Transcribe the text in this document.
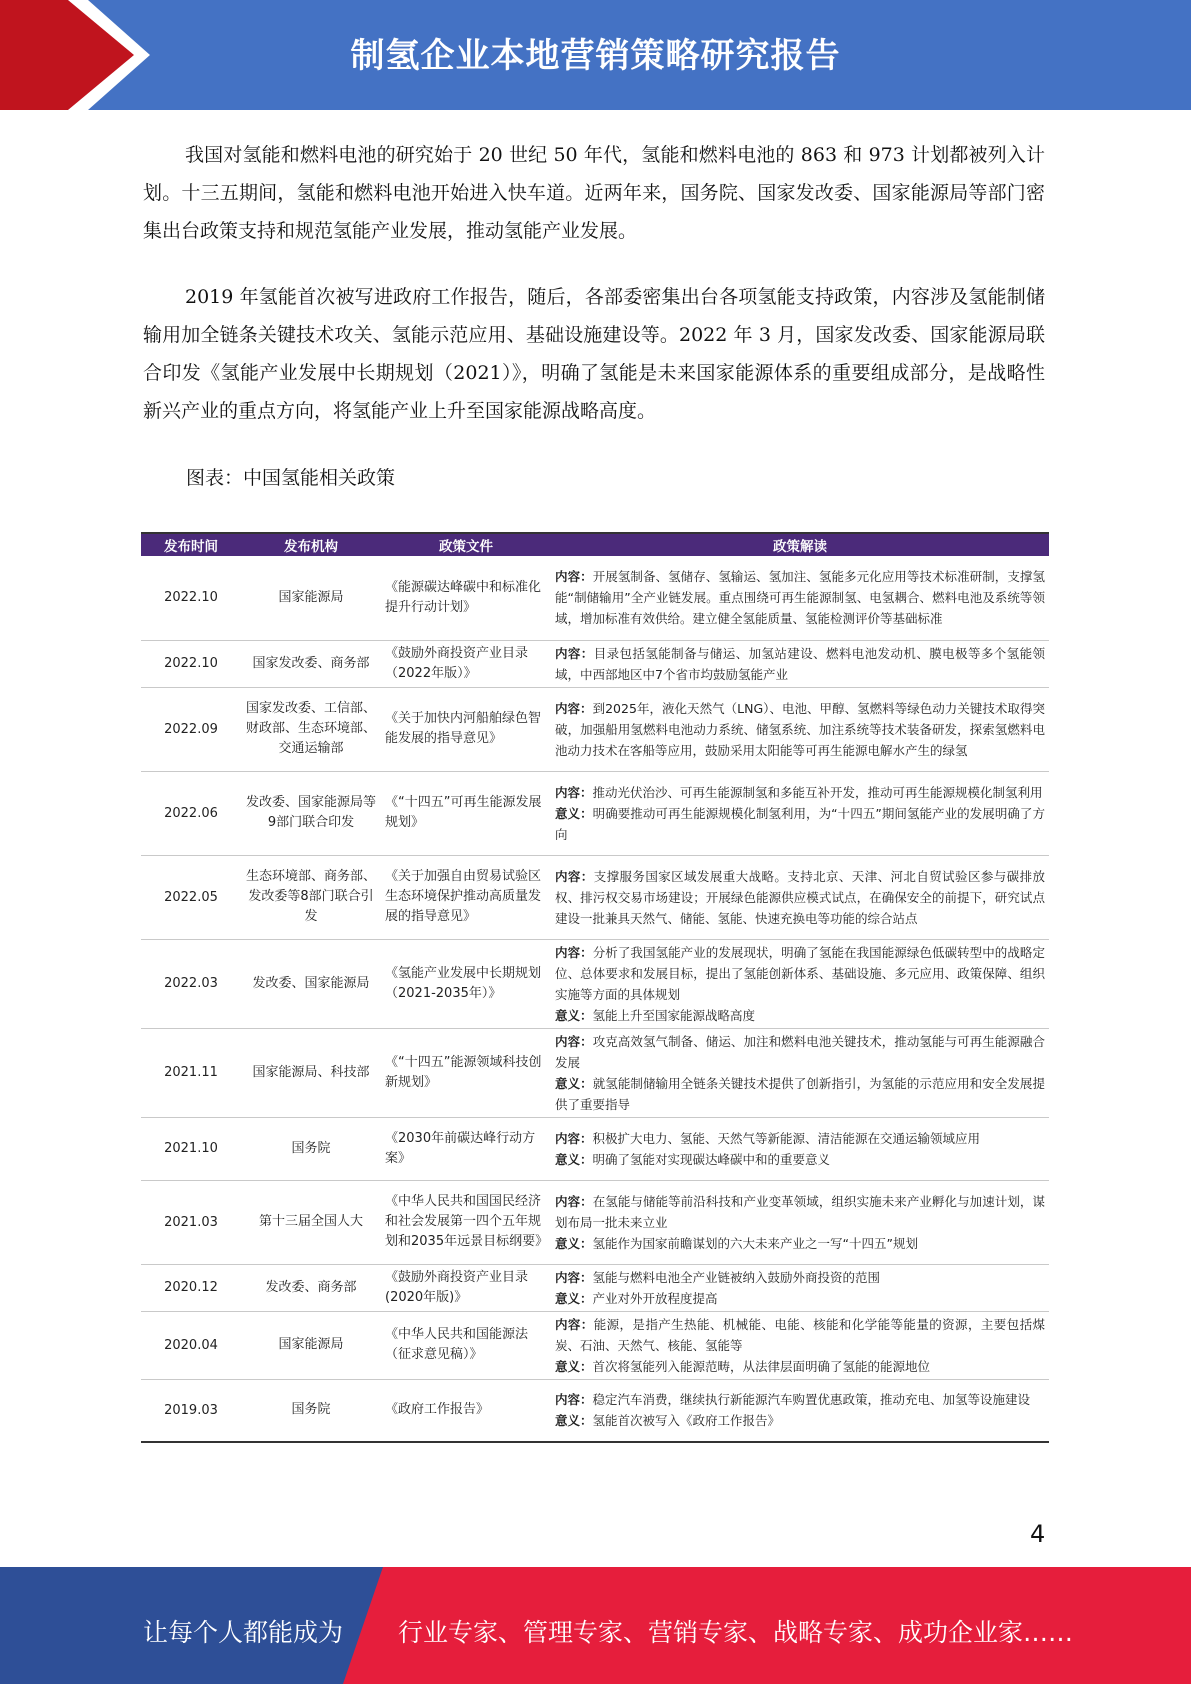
制氢企业本地营销策略研究报告

我国对氢能和燃料电池的研究始于 20 世纪 50 年代，氢能和燃料电池的 863 和 973 计划都被列入计划。十三五期间，氢能和燃料电池开始进入快车道。近两年来，国务院、国家发改委、国家能源局等部门密集出台政策支持和规范氢能产业发展，推动氢能产业发展。

2019 年氢能首次被写进政府工作报告，随后，各部委密集出台各项氢能支持政策，内容涉及氢能制储输用加全链条关键技术攻关、氢能示范应用、基础设施建设等。2022 年 3 月，国家发改委、国家能源局联合印发《氢能产业发展中长期规划（2021）》，明确了氢能是未来国家能源体系的重要组成部分，是战略性新兴产业的重点方向，将氢能产业上升至国家能源战略高度。

图表：中国氢能相关政策
发布时间	发布机构	政策文件	政策解读
2022.10	国家能源局	《能源碳达峰碳中和标准化提升行动计划》	内容：开展氢制备、氢储存、氢输运、氢加注、氢能多元化应用等技术标准研制，支撑氢能“制储输用”全产业链发展。重点围绕可再生能源制氢、电氢耦合、燃料电池及系统等领域，增加标准有效供给。建立健全氢能质量、氢能检测评价等基础标准

2022.10	国家发改委、商务部	《鼓励外商投资产业目录（2022年版）》	内容：目录包括氢能制备与储运、加氢站建设、燃料电池发动机、膜电极等多个氢能领域，中西部地区中7个省市均鼓励氢能产业

2022.09	国家发改委、工信部、财政部、生态环境部、交通运输部	《关于加快内河船舶绿色智能发展的指导意见》	内容：到2025年，液化天然气（LNG）、电池、甲醇、氢燃料等绿色动力关键技术取得突破，加强船用氢燃料电池动力系统、储氢系统、加注系统等技术装备研发，探索氢燃料电池动力技术在客船等应用，鼓励采用太阳能等可再生能源电解水产生的绿氢

2022.06	发改委、国家能源局等9部门联合印发	《“十四五”可再生能源发展规划》	内容：推动光伏治沙、可再生能源制氢和多能互补开发，推动可再生能源规模化制氢利用
意义：明确要推动可再生能源规模化制氢利用，为“十四五”期间氢能产业的发展明确了方向

2022.05	生态环境部、商务部、发改委等8部门联合引发	《关于加强自由贸易试验区生态环境保护推动高质量发展的指导意见》	内容：支撑服务国家区域发展重大战略。支持北京、天津、河北自贸试验区参与碳排放权、排污权交易市场建设；开展绿色能源供应模式试点，在确保安全的前提下，研究试点建设一批兼具天然气、储能、氢能、快速充换电等功能的综合站点

2022.03	发改委、国家能源局	《氢能产业发展中长期规划 （2021-2035年）》	内容：分析了我国氢能产业的发展现状，明确了氢能在我国能源绿色低碳转型中的战略定位、总体要求和发展目标，提出了氢能创新体系、基础设施、多元应用、政策保障、组织实施等方面的具体规划
意义：氢能上升至国家能源战略高度

2021.11	国家能源局、科技部	《“十四五”能源领域科技创新规划》	内容：攻克高效氢气制备、储运、加注和燃料电池关键技术，推动氢能与可再生能源融合发展
意义：就氢能制储输用全链条关键技术提供了创新指引，为氢能的示范应用和安全发展提供了重要指导

2021.10	国务院	《2030年前碳达峰行动方案》	内容：积极扩大电力、氢能、天然气等新能源、清洁能源在交通运输领域应用
意义：明确了氢能对实现碳达峰碳中和的重要意义

2021.03	第十三届全国人大	《中华人民共和国国民经济和社会发展第一四个五年规划和2035年远景目标纲要》	内容：在氢能与储能等前沿科技和产业变革领域，组织实施未来产业孵化与加速计划，谋划布局一批未来立业
意义：氢能作为国家前瞻谋划的六大未来产业之一写“十四五”规划

2020.12	发改委、商务部	《鼓励外商投资产业目录(2020年版)》	内容：氢能与燃料电池全产业链被纳入鼓励外商投资的范围
意义：产业对外开放程度提高

2020.04	国家能源局	《中华人民共和国能源法（征求意见稿）》	内容：能源，是指产生热能、机械能、电能、核能和化学能等能量的资源，主要包括煤炭、石油、天然气、核能、氢能等
意义：首次将氢能列入能源范畴，从法律层面明确了氢能的能源地位

2019.03	国务院	《政府工作报告》	内容：稳定汽车消费，继续执行新能源汽车购置优惠政策，推动充电、加氢等设施建设
意义：氢能首次被写入《政府工作报告》
4
让每个人都能成为 行业专家、管理专家、营销专家、战略专家、成功企业家……
